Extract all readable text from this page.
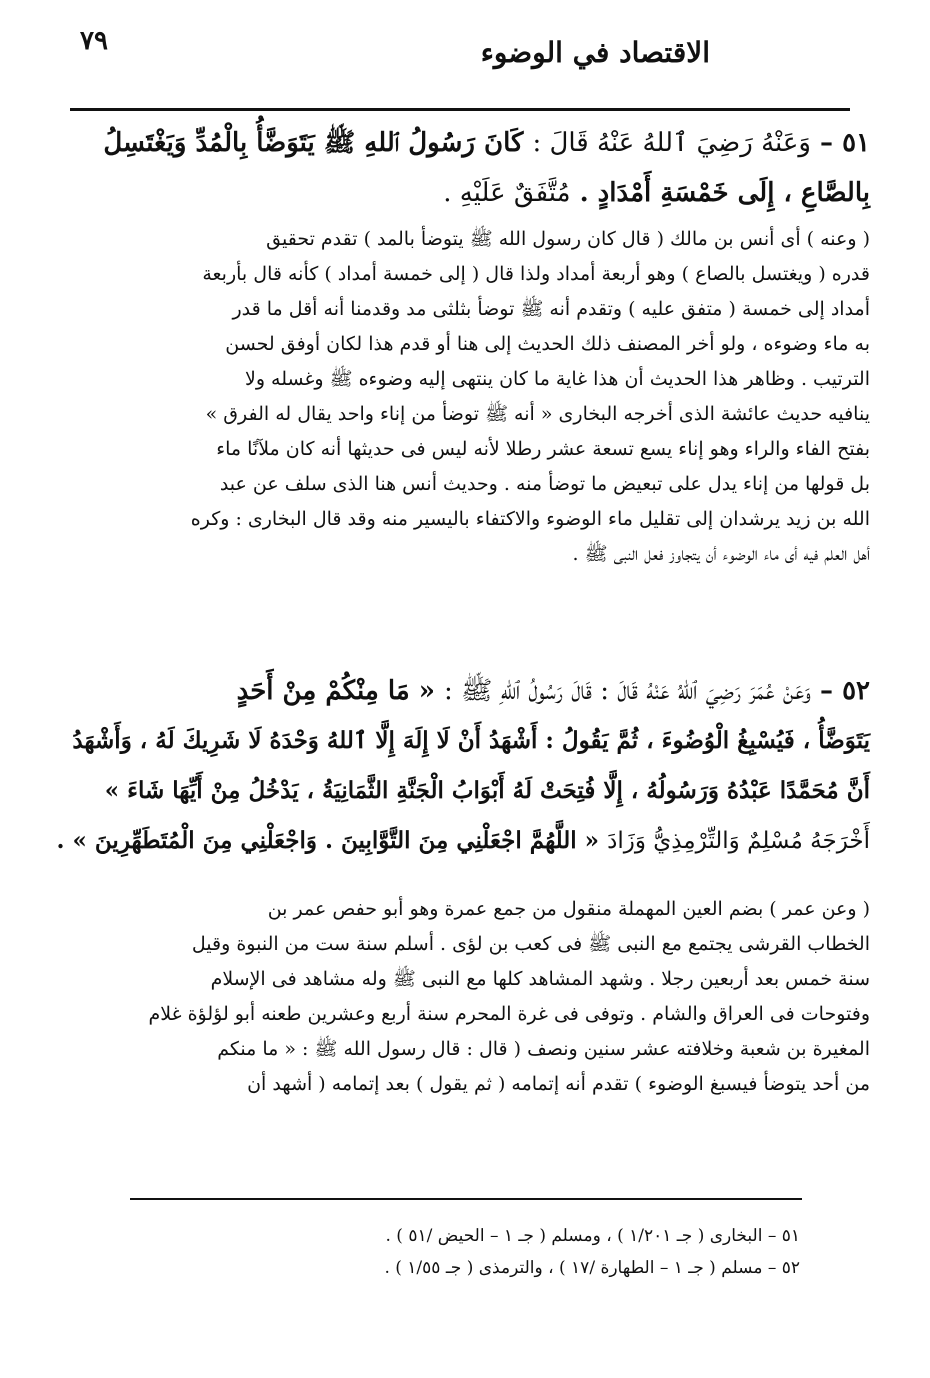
٧٩	الاقتصاد في الوضوء
٥١ – وَعَنْهُ رَضِيَ ٱللهُ عَنْهُ قَالَ : كَانَ رَسُولُ ٱللهِ ﷺ يَتَوَضَّأُ بِالْمُدِّ وَيَغْتَسِلُ
بِالصَّاعِ ، إِلَى خَمْسَةِ أَمْدَادٍ . مُتَّفَقٌ عَلَيْهِ .
( وعنه ) أى أنس بن مالك ( قال كان رسول الله ﷺ يتوضأ بالمد ) تقدم تحقيق
قدره ( ويغتسل بالصاع ) وهو أربعة أمداد ولذا قال ( إلى خمسة أمداد ) كأنه قال بأربعة
أمداد إلى خمسة ( متفق عليه ) وتقدم أنه ﷺ توضأ بثلثى مد وقدمنا أنه أقل ما قدر
به ماء وضوءه ، ولو أخر المصنف ذلك الحديث إلى هنا أو قدم هذا لكان أوفق لحسن
الترتيب . وظاهر هذا الحديث أن هذا غاية ما كان ينتهى إليه وضوءه ﷺ وغسله ولا
ينافيه حديث عائشة الذى أخرجه البخارى « أنه ﷺ توضأ من إناء واحد يقال له الفرق »
بفتح الفاء والراء وهو إناء يسع تسعة عشر رطلا لأنه ليس فى حديثها أنه كان ملآنًا ماء
بل قولها من إناء يدل على تبعيض ما توضأ منه . وحديث أنس هنا الذى سلف عن عبد
الله بن زيد يرشدان إلى تقليل ماء الوضوء والاكتفاء باليسير منه وقد قال البخارى : وكره
أهل العلم فيه أى ماء الوضوء أن يتجاوز فعل النبى ﷺ .
٥٢ – وَعَنْ عُمَرَ رَضِيَ ٱللهُ عَنْهُ قَالَ : قَالَ رَسُولُ ٱللهِ ﷺ : « مَا مِنْكُمْ مِنْ أَحَدٍ
يَتَوَضَّأُ ، فَيُسْبِغُ الْوُضُوءَ ، ثُمَّ يَقُولُ : أَشْهَدُ أَنْ لَا إِلَهَ إِلَّا ٱللهُ وَحْدَهُ لَا شَرِيكَ لَهُ ، وَأَشْهَدُ
أَنَّ مُحَمَّدًا عَبْدُهُ وَرَسُولُهُ ، إِلَّا فُتِحَتْ لَهُ أَبْوَابُ الْجَنَّةِ الثَّمَانِيَةُ ، يَدْخُلُ مِنْ أَيِّهَا شَاءَ »
أَخْرَجَهُ مُسْلِمٌ وَالتِّرْمِذِيُّ وَزَادَ « اللَّهُمَّ اجْعَلْنِي مِنَ التَّوَّابِينَ . وَاجْعَلْنِي مِنَ الْمُتَطَهِّرِينَ » .
( وعن عمر ) بضم العين المهملة منقول من جمع عمرة وهو أبو حفص عمر بن
الخطاب القرشى يجتمع مع النبى ﷺ فى كعب بن لؤى . أسلم سنة ست من النبوة وقيل
سنة خمس بعد أربعين رجلا . وشهد المشاهد كلها مع النبى ﷺ وله مشاهد فى الإسلام
وفتوحات فى العراق والشام . وتوفى فى غرة المحرم سنة أربع وعشرين طعنه أبو لؤلؤة غلام
المغيرة بن شعبة وخلافته عشر سنين ونصف ( قال : قال رسول الله ﷺ : « ما منكم
من أحد يتوضأ فيسبغ الوضوء ) تقدم أنه إتمامه ( ثم يقول ) بعد إتمامه ( أشهد أن
٥١ – البخارى ( جـ ١/٢٠١ ) ، ومسلم ( جـ ١ – الحيض /٥١ ) .
٥٢ – مسلم ( جـ ١ – الطهارة /١٧ ) ، والترمذى ( جـ ١/٥٥ ) .
